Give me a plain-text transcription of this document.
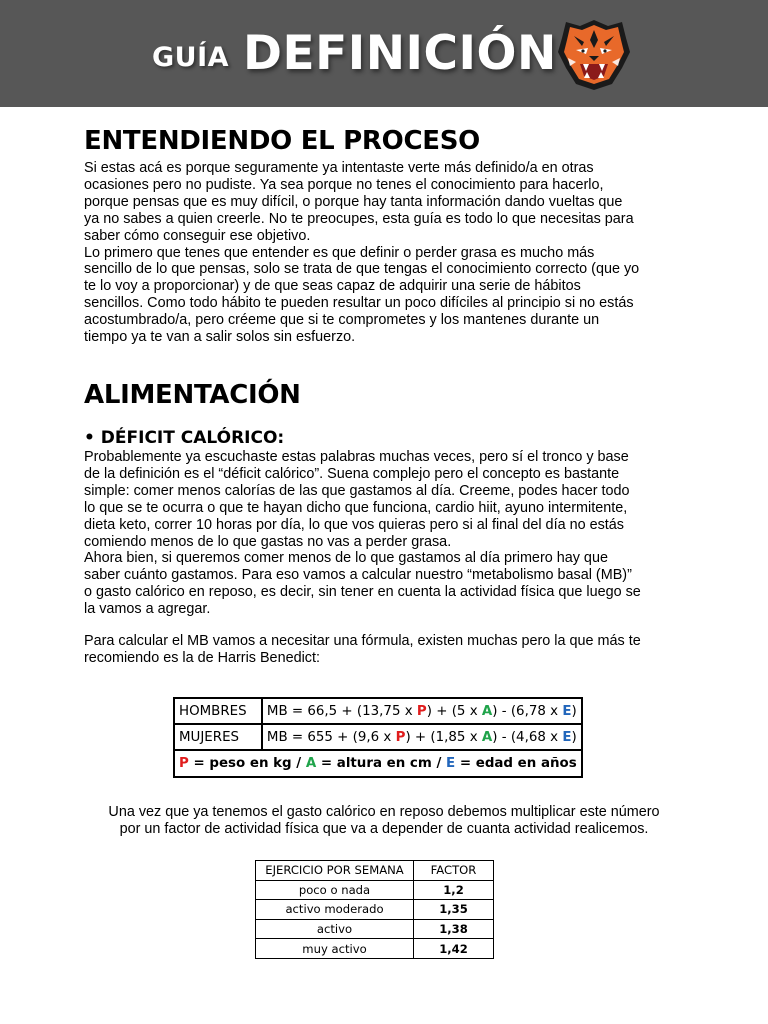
GUÍA DEFINICIÓN
ENTENDIENDO EL PROCESO
Si estas acá es porque seguramente ya intentaste verte más definido/a en otras
ocasiones pero no pudiste. Ya sea porque no tenes el conocimiento para hacerlo,
porque pensas que es muy difícil, o porque hay tanta información dando vueltas que
ya no sabes a quien creerle. No te preocupes, esta guía es todo lo que necesitas para
saber cómo conseguir ese objetivo.
Lo primero que tenes que entender es que definir o perder grasa es mucho más
sencillo de lo que pensas, solo se trata de que tengas el conocimiento correcto (que yo
te lo voy a proporcionar) y de que seas capaz de adquirir una serie de hábitos
sencillos. Como todo hábito te pueden resultar un poco difíciles al principio si no estás
acostumbrado/a, pero créeme que si te comprometes y los mantenes durante un
tiempo ya te van a salir solos sin esfuerzo.
ALIMENTACIÓN
• DÉFICIT CALÓRICO:
Probablemente ya escuchaste estas palabras muchas veces, pero sí el tronco y base
de la definición es el “déficit calórico”. Suena complejo pero el concepto es bastante
simple: comer menos calorías de las que gastamos al día. Creeme, podes hacer todo
lo que se te ocurra o que te hayan dicho que funciona, cardio hiit, ayuno intermitente,
dieta keto, correr 10 horas por día, lo que vos quieras pero si al final del día no estás
comiendo menos de lo que gastas no vas a perder grasa.
Ahora bien, si queremos comer menos de lo que gastamos al día primero hay que
saber cuánto gastamos. Para eso vamos a calcular nuestro “metabolismo basal (MB)”
o gasto calórico en reposo, es decir, sin tener en cuenta la actividad física que luego se
la vamos a agregar.
Para calcular el MB vamos a necesitar una fórmula, existen muchas pero la que más te
recomiendo es la de Harris Benedict:
HOMBRES	MB = 66,5 + (13,75 x P) + (5 x A) - (6,78 x E)
MUJERES	MB = 655 + (9,6 x P) + (1,85 x A) - (4,68 x E)
P = peso en kg / A = altura en cm / E = edad en años	
Una vez que ya tenemos el gasto calórico en reposo debemos multiplicar este número
por un factor de actividad física que va a depender de cuanta actividad realicemos.
EJERCICIO POR SEMANA	FACTOR
poco o nada	1,2
activo moderado	1,35
activo	1,38
muy activo	1,42
